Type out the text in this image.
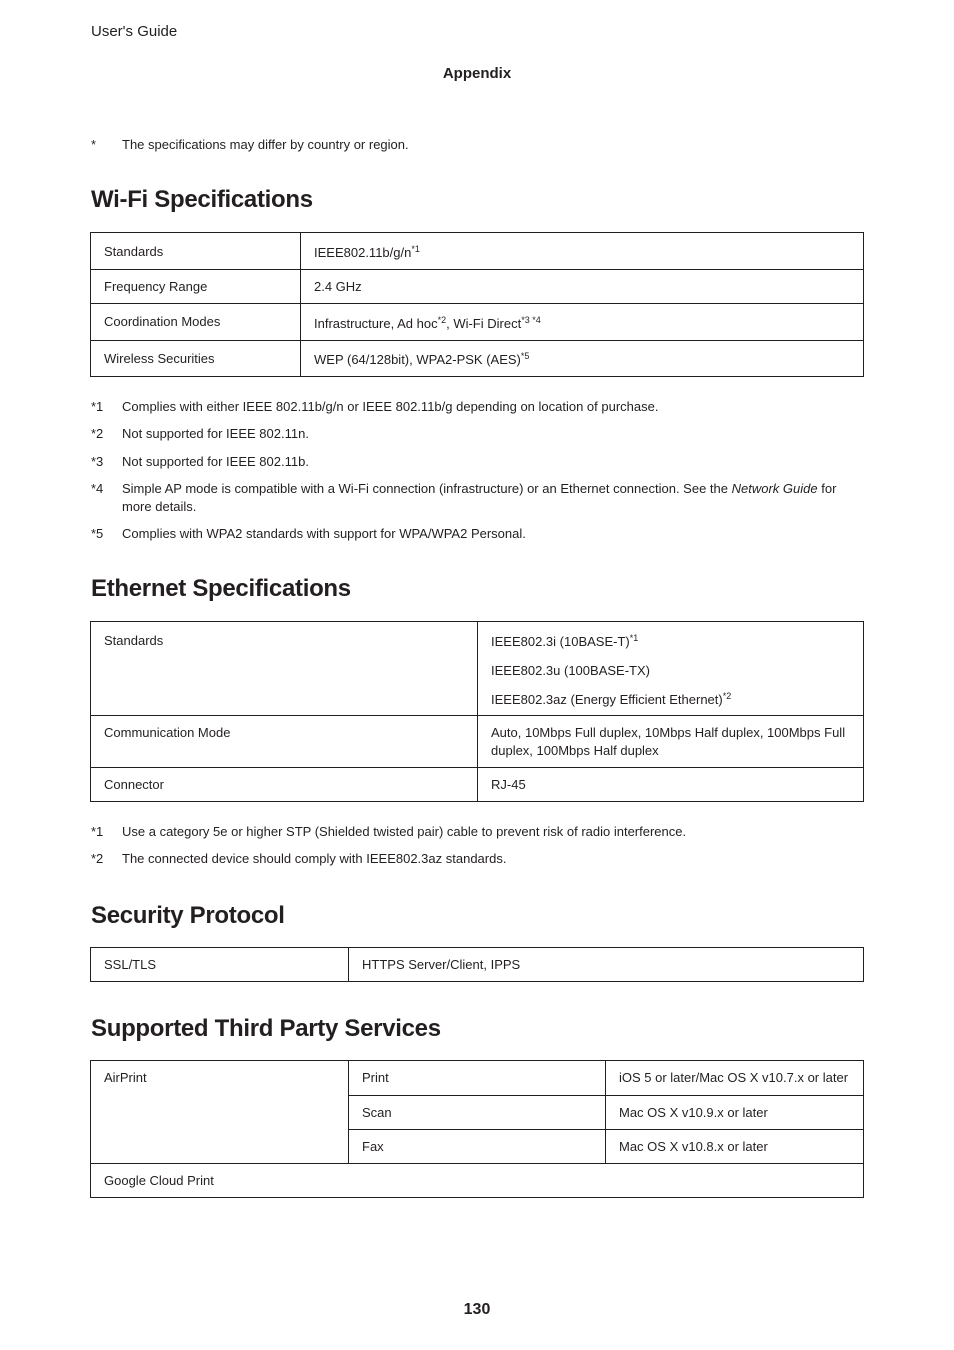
User's Guide
Appendix
* The specifications may differ by country or region.
Wi-Fi Specifications
Standards	$IEEE802.11b/g/n^{*1}$
Frequency Range	2.4 GHz
Coordination Modes	Infrastructure, Ad hoc$^{*2}$, Wi-Fi Direct$^{*3 *4}$
Wireless Securities	WEP (64/128bit), WPA2-PSK (AES)$^{*5}$
*1 Complies with either IEEE 802.11b/g/n or IEEE 802.11b/g depending on location of purchase.
*2 Not supported for IEEE 802.11n.
*3 Not supported for IEEE 802.11b.
*4 Simple AP mode is compatible with a Wi-Fi connection (infrastructure) or an Ethernet connection. See the Network Guide for more details.
*5 Complies with WPA2 standards with support for WPA/WPA2 Personal.
Ethernet Specifications
Standards	IEEE802.3i (10BASE-T)$^{*1}$
IEEE802.3u (100BASE-TX)
IEEE802.3az (Energy Efficient Ethernet)$^{*2}$

Communication Mode	Auto, 10Mbps Full duplex, 10Mbps Half duplex, 100Mbps Full duplex, 100Mbps Half duplex
Connector	RJ-45
*1 Use a category 5e or higher STP (Shielded twisted pair) cable to prevent risk of radio interference.
*2 The connected device should comply with IEEE802.3az standards.
Security Protocol
SSL/TLS	HTTPS Server/Client, IPPS
Supported Third Party Services
AirPrint	Print	iOS 5 or later/Mac OS X v10.7.x or later
	Scan	Mac OS X v10.9.x or later
	Fax	Mac OS X v10.8.x or later
Google Cloud Print		
130
